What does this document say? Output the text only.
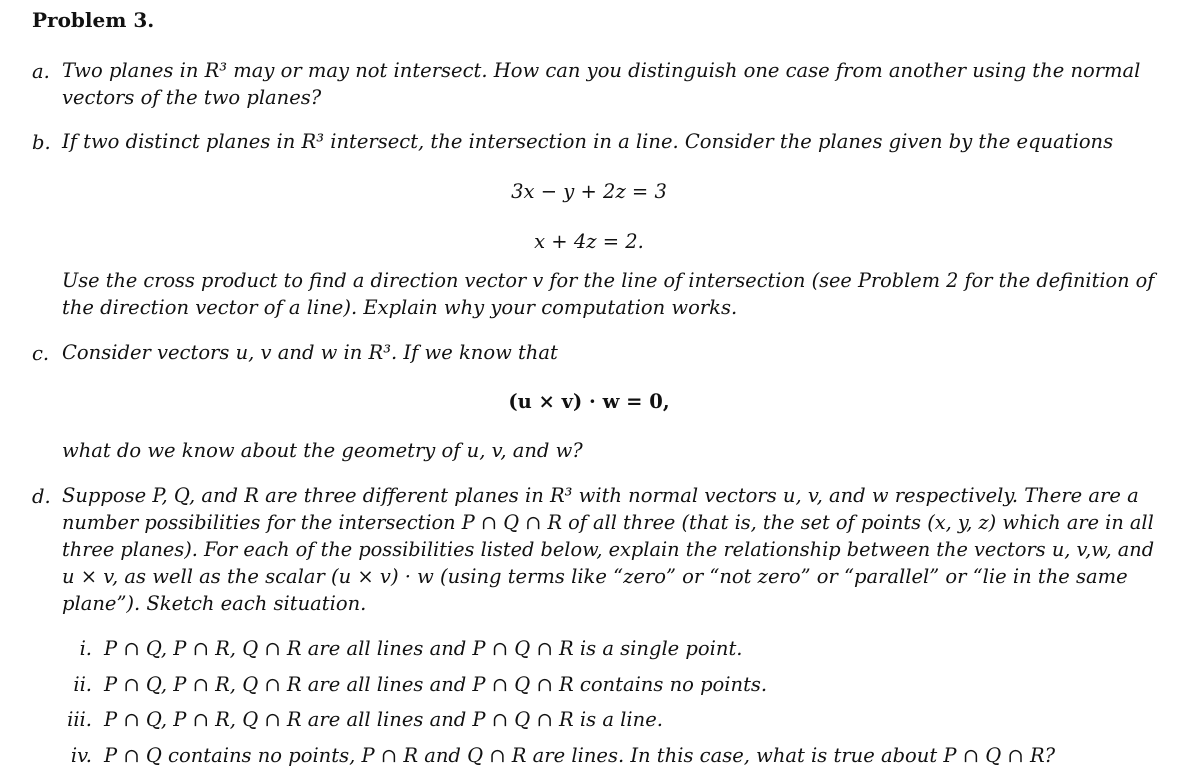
Problem 3.
a. Two planes in R³ may or may not intersect. How can you distinguish one case from another using the normal
vectors of the two planes?
b. If two distinct planes in R³ intersect, the intersection in a line. Consider the planes given by the equations
3x − y + 2z = 3
x + 4z = 2.
Use the cross product to find a direction vector v for the line of intersection (see Problem 2 for the definition of
the direction vector of a line). Explain why your computation works.
c. Consider vectors u, v and w in R³. If we know that
(u × v) · w = 0,
what do we know about the geometry of u, v, and w?
d. Suppose P, Q, and R are three different planes in R³ with normal vectors u, v, and w respectively. There are a
number possibilities for the intersection P ∩ Q ∩ R of all three (that is, the set of points (x, y, z) which are in all three planes). For each of the possibilities listed below, explain the relationship between the vectors u, v,w, and
u × v, as well as the scalar (u × v) · w (using terms like “zero” or “not zero” or “parallel” or “lie in the same
plane”). Sketch each situation.
i. P ∩ Q, P ∩ R, Q ∩ R are all lines and P ∩ Q ∩ R is a single point.
ii. P ∩ Q, P ∩ R, Q ∩ R are all lines and P ∩ Q ∩ R contains no points.
iii. P ∩ Q, P ∩ R, Q ∩ R are all lines and P ∩ Q ∩ R is a line.
iv. P ∩ Q contains no points, P ∩ R and Q ∩ R are lines. In this case, what is true about P ∩ Q ∩ R?
